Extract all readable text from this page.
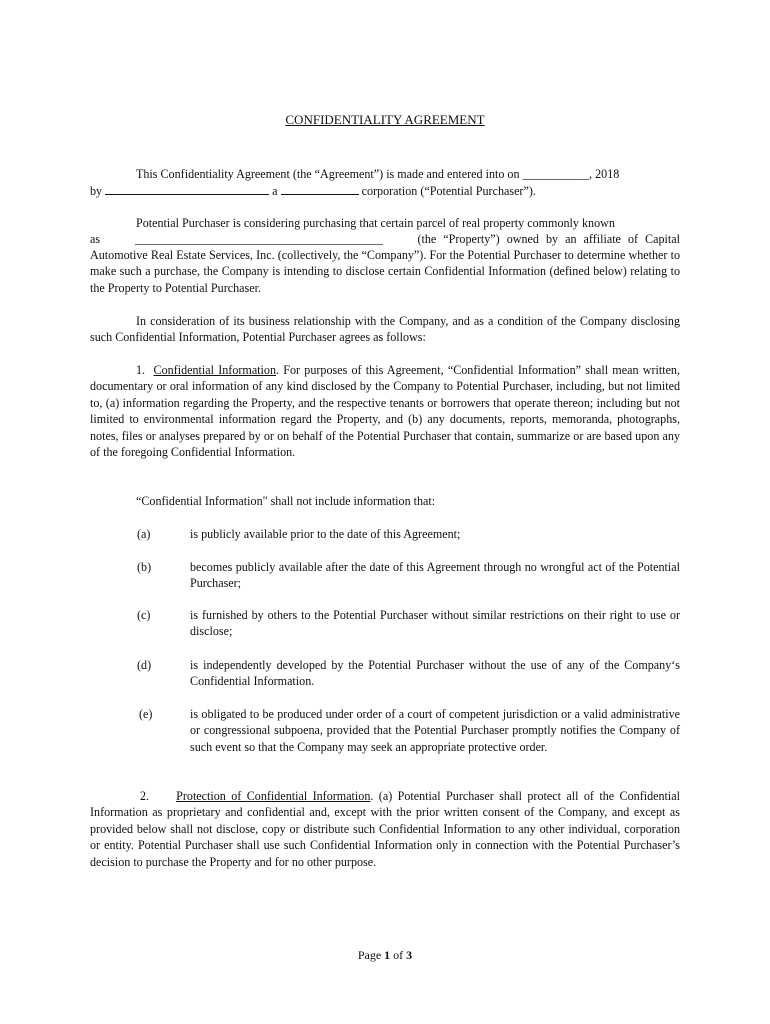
CONFIDENTIALITY AGREEMENT
This Confidentiality Agreement (the “Agreement”) is made and entered into on ___________, 2018
by	a	corporation (“Potential Purchaser”).
Potential Purchaser is considering purchasing that certain parcel of real property commonly known
as	_________________________________________	(the “Property”) owned by an affiliate of Capital
Automotive Real Estate Services, Inc. (collectively, the “Company”). For the Potential Purchaser to determine whether to make such a purchase, the Company is intending to disclose certain Confidential Information (defined below) relating to the Property to Potential Purchaser.
In consideration of its business relationship with the Company, and as a condition of the Company disclosing such Confidential Information, Potential Purchaser agrees as follows:
1. Confidential Information. For purposes of this Agreement, “Confidential Information” shall mean written, documentary or oral information of any kind disclosed by the Company to Potential Purchaser, including, but not limited to, (a) information regarding the Property, and the respective tenants or borrowers that operate thereon; including but not limited to environmental information regard the Property, and (b) any documents, reports, memoranda, photographs, notes, files or analyses prepared by or on behalf of the Potential Purchaser that contain, summarize or are based upon any of the foregoing Confidential Information.
“Confidential Information" shall not include information that:
(a)	is publicly available prior to the date of this Agreement;
(b)	becomes publicly available after the date of this Agreement through no wrongful act of the Potential Purchaser;
(c)	is furnished by others to the Potential Purchaser without similar restrictions on their right to use or disclose;
(d)	is independently developed by the Potential Purchaser without the use of any of the Company‘s Confidential Information.
(e)	is obligated to be produced under order of a court of competent jurisdiction or a valid administrative or congressional subpoena, provided that the Potential Purchaser promptly notifies the Company of such event so that the Company may seek an appropriate protective order.
2. Protection of Confidential Information. (a) Potential Purchaser shall protect all of the Confidential Information as proprietary and confidential and, except with the prior written consent of the Company, and except as provided below shall not disclose, copy or distribute such Confidential Information to any other individual, corporation or entity. Potential Purchaser shall use such Confidential Information only in connection with the Potential Purchaser’s decision to purchase the Property and for no other purpose.
Page 1 of 3
